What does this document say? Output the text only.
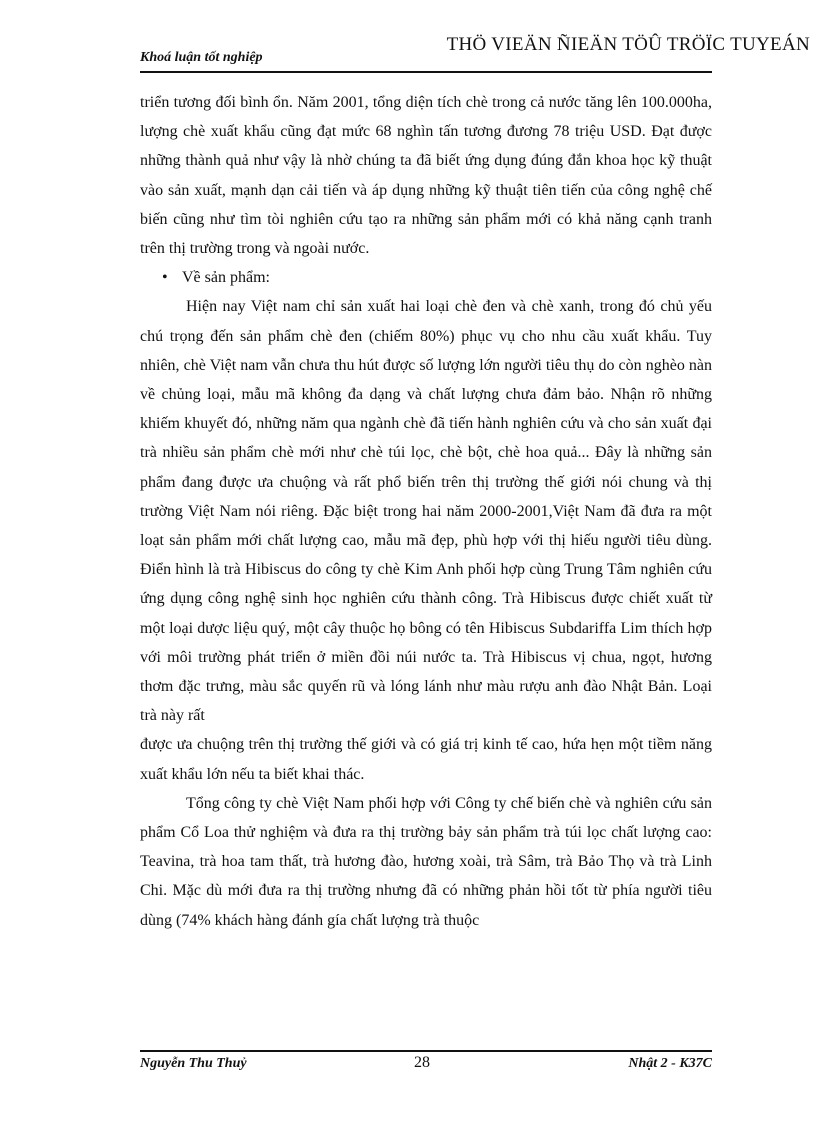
Khoá luận tốt nghiệp
THÖ VIEÄN ÑIEÄN TÖÛ TRÖÏC TUYEÁN

triển tương đối bình ổn. Năm 2001, tổng diện tích chè trong cả nước tăng lên 100.000ha, lượng chè xuất khẩu cũng đạt mức 68 nghìn tấn tương đương 78 triệu USD. Đạt được những thành quả như vậy là nhờ chúng ta đã biết ứng dụng đúng đắn khoa học kỹ thuật vào sản xuất, mạnh dạn cải tiến và áp dụng những kỹ thuật tiên tiến của công nghệ chế biến cũng như tìm tòi nghiên cứu tạo ra những sản phẩm mới có khả năng cạnh tranh trên thị trường trong và ngoài nước.

• Về sản phẩm:

Hiện nay Việt nam chỉ sản xuất hai loại chè đen và chè xanh, trong đó chủ yếu chú trọng đến sản phẩm chè đen (chiếm 80%) phục vụ cho nhu cầu xuất khẩu. Tuy nhiên, chè Việt nam vẫn chưa thu hút được số lượng lớn người tiêu thụ do còn nghèo nàn về chủng loại, mẫu mã không đa dạng và chất lượng chưa đảm bảo. Nhận rõ những khiếm khuyết đó, những năm qua ngành chè đã tiến hành nghiên cứu và cho sản xuất đại trà nhiều sản phẩm chè mới như chè túi lọc, chè bột, chè hoa quả... Đây là những sản phẩm đang được ưa chuộng và rất phổ biến trên thị trường thế giới nói chung và thị trường Việt Nam nói riêng. Đặc biệt trong hai năm 2000-2001,Việt Nam đã đưa ra một loạt sản phẩm mới chất lượng cao, mẫu mã đẹp, phù hợp với thị hiếu người tiêu dùng. Điển hình là trà Hibiscus do công ty chè Kim Anh phối hợp cùng Trung Tâm nghiên cứu ứng dụng công nghệ sinh học nghiên cứu thành công. Trà Hibiscus được chiết xuất từ một loại dược liệu quý, một cây thuộc họ bông có tên Hibiscus Subdariffa Lim thích hợp với môi trường phát triển ở miền đồi núi nước ta. Trà Hibiscus vị chua, ngọt, hương thơm đặc trưng, màu sắc quyến rũ và lóng lánh như màu rượu anh đào Nhật Bản. Loại trà này rất

được ưa chuộng trên thị trường thế giới và có giá trị kinh tế cao, hứa hẹn một tiềm năng xuất khẩu lớn nếu ta biết khai thác.

Tổng công ty chè Việt Nam phối hợp với Công ty chế biến chè và nghiên cứu sản phẩm Cổ Loa thử nghiệm và đưa ra thị trường bảy sản phẩm trà túi lọc chất lượng cao: Teavina, trà hoa tam thất, trà hương đào, hương xoài, trà Sâm, trà Bảo Thọ và trà Linh Chi. Mặc dù mới đưa ra thị trường nhưng đã có những phản hồi tốt từ phía người tiêu dùng (74% khách hàng đánh gía chất lượng trà thuộc

Nguyễn Thu Thuỷ	28	Nhật 2 - K37C
